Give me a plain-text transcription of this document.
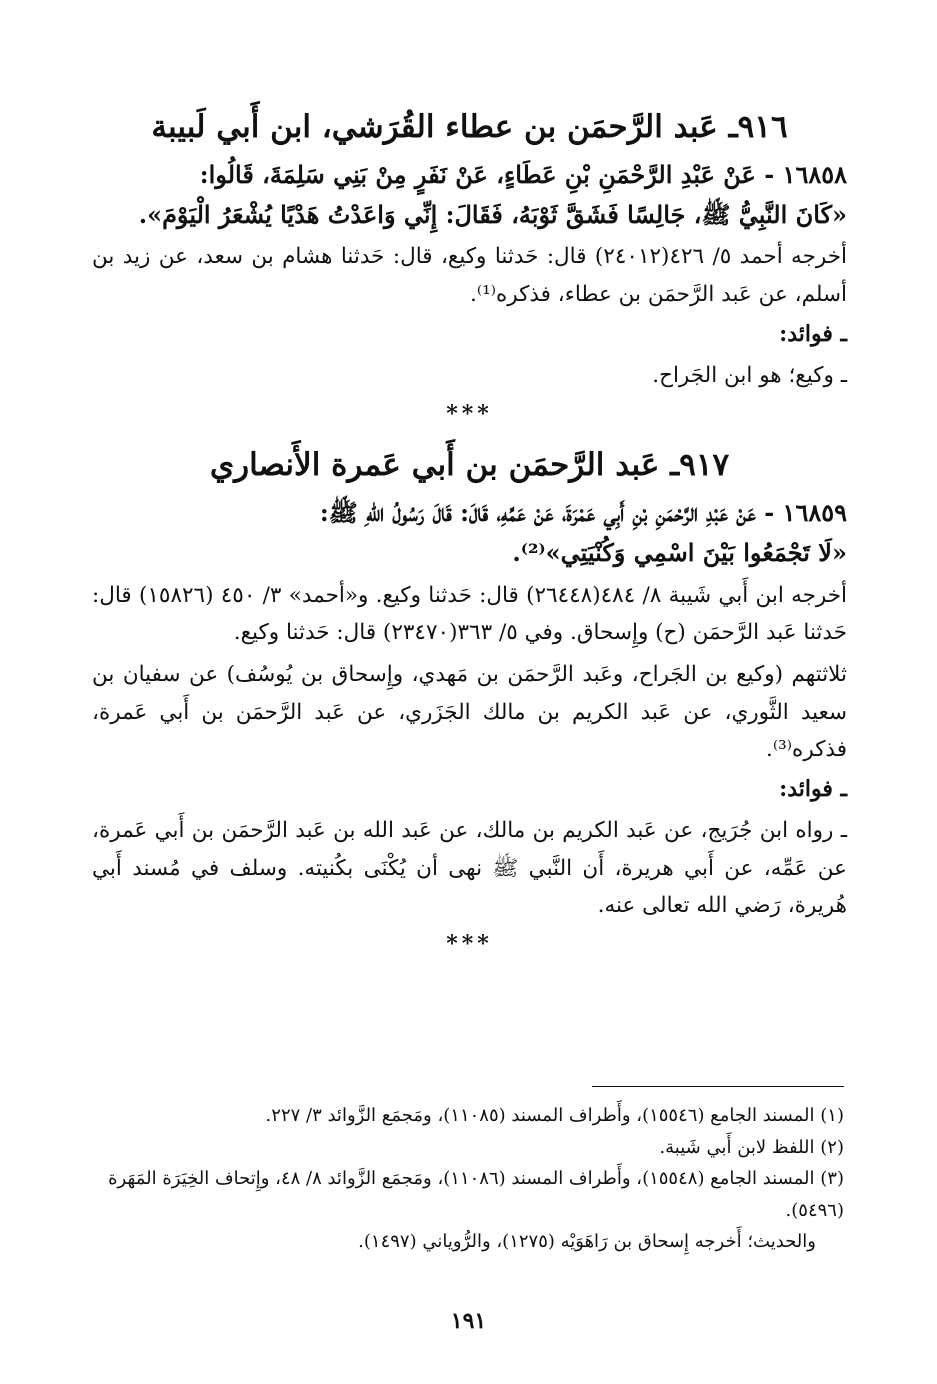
٩١٦ـ عَبد الرَّحمَن بن عطاء القُرَشي، ابن أَبي لَبيبة

١٦٨٥٨ - عَنْ عَبْدِ الرَّحْمَنِ بْنِ عَطَاءٍ، عَنْ نَفَرٍ مِنْ بَنِي سَلِمَةَ، قَالُوا:

«كَانَ النَّبِيُّ ﷺ، جَالِسًا فَشَقَّ ثَوْبَهُ، فَقَالَ: إِنِّي وَاعَدْتُ هَدْيًا يُشْعَرُ الْيَوْمَ».

أخرجه أحمد ٥/ ٤٢٦(٢٤٠١٢) قال: حَدثنا وكيع، قال: حَدثنا هشام بن سعد، عن زيد بن أسلم، عن عَبد الرَّحمَن بن عطاء، فذكره⁽¹⁾.

ـ فوائد:

ـ وكيع؛ هو ابن الجَراح.

***

٩١٧ـ عَبد الرَّحمَن بن أَبي عَمرة الأَنصاري

١٦٨٥٩ - عَنْ عَبْدِ الرَّحْمَنِ بْنِ أَبِي عَمْرَةَ، عَنْ عَمِّهِ، قَالَ: قَالَ رَسُولُ اللهِ ﷺ:

«لَا تَجْمَعُوا بَيْنَ اسْمِي وَكُنْيَتِي»⁽²⁾.

أخرجه ابن أَبي شَيبة ٨/ ٤٨٤(٢٦٤٤٨) قال: حَدثنا وكيع. و«أحمد» ٣/ ٤٥٠ (١٥٨٢٦) قال: حَدثنا عَبد الرَّحمَن (ح) وإِسحاق. وفي ٥/ ٣٦٣(٢٣٤٧٠) قال: حَدثنا وكيع.

ثلاثتهم (وكيع بن الجَراح، وعَبد الرَّحمَن بن مَهدي، وإِسحاق بن يُوسُف) عن سفيان بن سعيد الثَّوري، عن عَبد الكريم بن مالك الجَزَري، عن عَبد الرَّحمَن بن أَبي عَمرة، فذكره⁽³⁾.

ـ فوائد:

ـ رواه ابن جُرَيج، عن عَبد الكريم بن مالك، عن عَبد الله بن عَبد الرَّحمَن بن أَبي عَمرة، عن عَمِّه، عن أَبي هريرة، أَن النَّبي ﷺ نهى أن يُكْنَى بكُنيته. وسلف في مُسند أَبي هُريرة، رَضي الله تعالى عنه.

***

(١) المسند الجامع (١٥٥٤٦)، وأَطراف المسند (١١٠٨٥)، ومَجمَع الزَّوائد ٣/ ٢٢٧.

(٢) اللفظ لابن أَبي شَيبة.

(٣) المسند الجامع (١٥٥٤٨)، وأَطراف المسند (١١٠٨٦)، ومَجمَع الزَّوائد ٨/ ٤٨، وإِتحاف الخِيَرَة المَهَرة (٥٤٩٦).

والحديث؛ أَخرجه إِسحاق بن رَاهَوَيْه (١٢٧٥)، والرُّوياني (١٤٩٧).

١٩١
